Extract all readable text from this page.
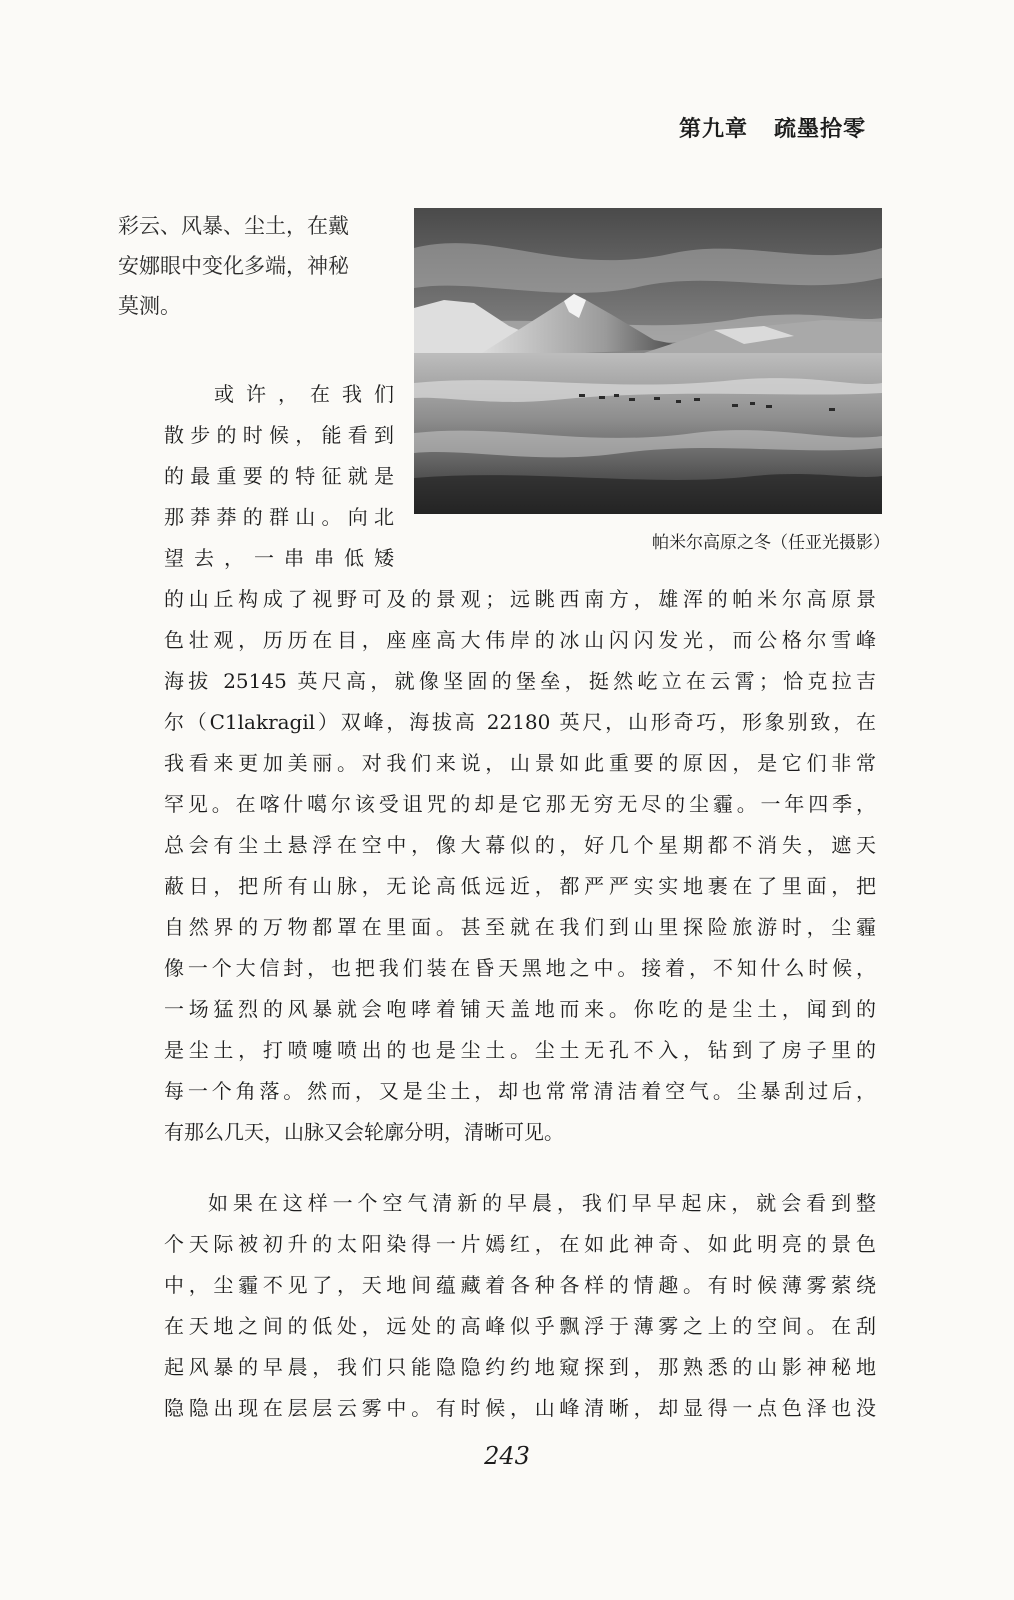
第九章   疏墨拾零
彩云、风暴、尘土，在戴
安娜眼中变化多端，神秘
莫测。
帕米尔高原之冬（任亚光摄影）
或许，在我们
散步的时候，能看到
的最重要的特征就是
那莽莽的群山。向北
望去，一串串低矮
的山丘构成了视野可及的景观；远眺西南方，雄浑的帕米尔高原景
色壮观，历历在目，座座高大伟岸的冰山闪闪发光，而公格尔雪峰
海拔 25145 英尺高，就像坚固的堡垒，挺然屹立在云霄；恰克拉吉
尔（C1lakragil）双峰，海拔高 22180 英尺，山形奇巧，形象别致，在
我看来更加美丽。对我们来说，山景如此重要的原因，是它们非常
罕见。在喀什噶尔该受诅咒的却是它那无穷无尽的尘霾。一年四季，
总会有尘土悬浮在空中，像大幕似的，好几个星期都不消失，遮天
蔽日，把所有山脉，无论高低远近，都严严实实地裹在了里面，把
自然界的万物都罩在里面。甚至就在我们到山里探险旅游时，尘霾
像一个大信封，也把我们装在昏天黑地之中。接着，不知什么时候，
一场猛烈的风暴就会咆哮着铺天盖地而来。你吃的是尘土，闻到的
是尘土，打喷嚏喷出的也是尘土。尘土无孔不入，钻到了房子里的
每一个角落。然而，又是尘土，却也常常清洁着空气。尘暴刮过后，
有那么几天，山脉又会轮廓分明，清晰可见。
如果在这样一个空气清新的早晨，我们早早起床，就会看到整
个天际被初升的太阳染得一片嫣红，在如此神奇、如此明亮的景色
中，尘霾不见了，天地间蕴藏着各种各样的情趣。有时候薄雾萦绕
在天地之间的低处，远处的高峰似乎飘浮于薄雾之上的空间。在刮
起风暴的早晨，我们只能隐隐约约地窥探到，那熟悉的山影神秘地
隐隐出现在层层云雾中。有时候，山峰清晰，却显得一点色泽也没
243
